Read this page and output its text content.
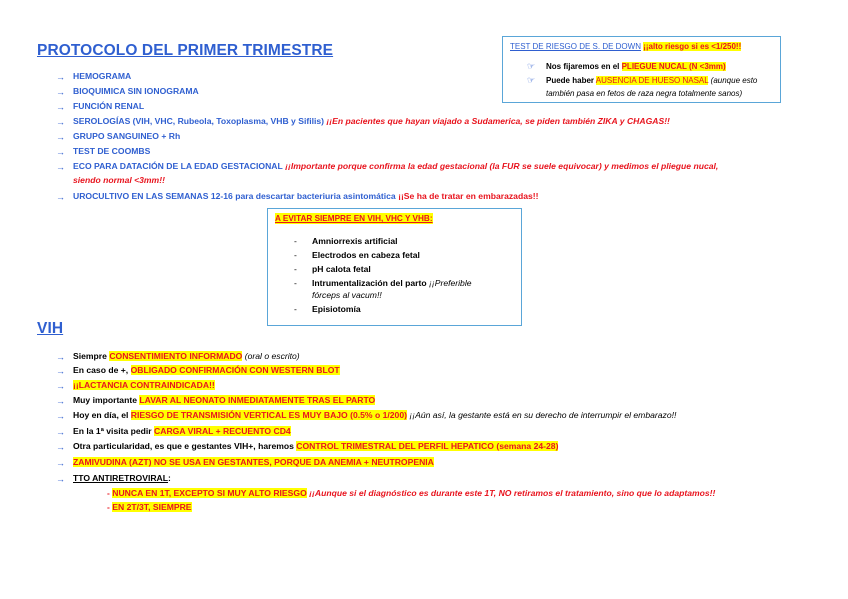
PROTOCOLO DEL PRIMER TRIMESTRE
→ HEMOGRAMA
→ BIOQUIMICA SIN IONOGRAMA
→ FUNCIÓN RENAL
→ SEROLOGÍAS (VIH, VHC, Rubeola, Toxoplasma, VHB y Sifilis) ¡¡En pacientes que hayan viajado a Sudamerica, se piden también ZIKA y CHAGAS!!
→ GRUPO SANGUINEO + Rh
→ TEST DE COOMBS
→ ECO PARA DATACIÓN DE LA EDAD GESTACIONAL ¡¡Importante porque confirma la edad gestacional (la FUR se suele equivocar) y medimos el pliegue nucal,
siendo normal <3mm!!
→ UROCULTIVO EN LAS SEMANAS 12-16 para descartar bacteriuria asintomática ¡¡Se ha de tratar en embarazadas!!
TEST DE RIESGO DE S. DE DOWN ¡¡alto riesgo si es <1/250!!
☞ Nos fijaremos en el PLIEGUE NUCAL (N <3mm)
☞ Puede haber AUSENCIA DE HUESO NASAL (aunque esto
también pasa en fetos de raza negra totalmente sanos)
A EVITAR SIEMPRE EN VIH, VHC Y VHB:
- Amniorrexis artificial
- Electrodos en cabeza fetal
- pH calota fetal
- Intrumentalización del parto ¡¡Preferible
fórceps al vacum!!
- Episiotomía
VIH
→ Siempre CONSENTIMIENTO INFORMADO (oral o escrito)
→ En caso de +, OBLIGADO CONFIRMACIÓN CON WESTERN BLOT
→ ¡¡LACTANCIA CONTRAINDICADA!!
→ Muy importante LAVAR AL NEONATO INMEDIATAMENTE TRAS EL PARTO
→ Hoy en día, el RIESGO DE TRANSMISIÓN VERTICAL ES MUY BAJO (0.5% o 1/200) ¡¡Aún así, la gestante está en su derecho de interrumpir el embarazo!!
→ En la 1ª visita pedir CARGA VIRAL + RECUENTO CD4
→ Otra particularidad, es que e gestantes VIH+, haremos CONTROL TRIMESTRAL DEL PERFIL HEPATICO (semana 24-28)
→ ZAMIVUDINA (AZT) NO SE USA EN GESTANTES, PORQUE DA ANEMIA + NEUTROPENIA
→ TTO ANTIRETROVIRAL:
- NUNCA EN 1T, EXCEPTO SI MUY ALTO RIESGO ¡¡Aunque si el diagnóstico es durante este 1T, NO retiramos el tratamiento, sino que lo adaptamos!!
- EN 2T/3T, SIEMPRE
